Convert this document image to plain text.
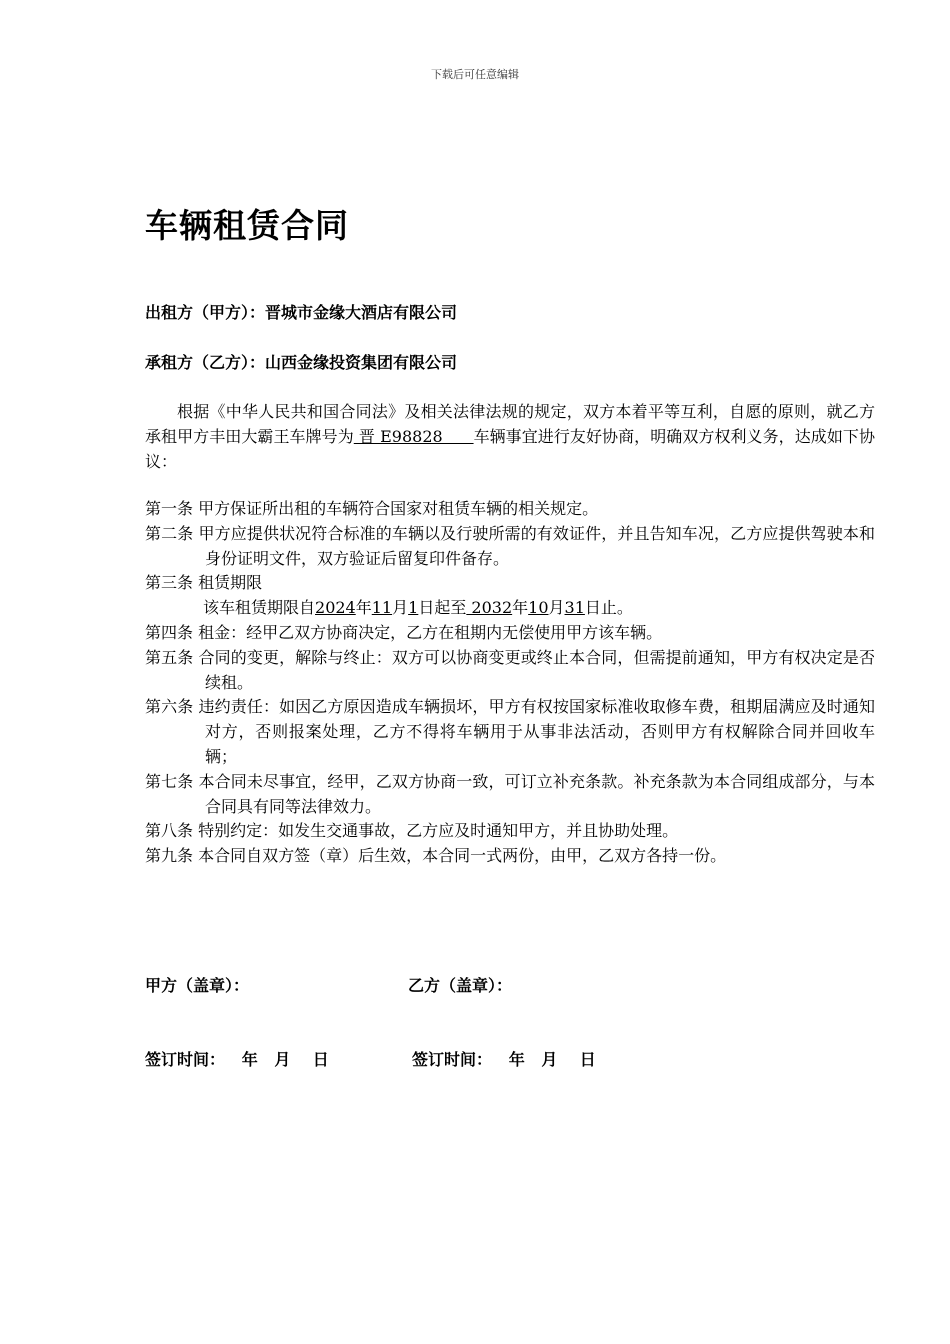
下载后可任意编辑
车辆租赁合同
出租方（甲方）：晋城市金缘大酒店有限公司
承租方（乙方）：山西金缘投资集团有限公司

根据《中华人民共和国合同法》及相关法律法规的规定，双方本着平等互利，自愿的原则，就乙方承租甲方丰田大霸王车牌号为 晋 E98828      车辆事宜进行友好协商，明确双方权利义务，达成如下协议：

第一条 甲方保证所出租的车辆符合国家对租赁车辆的相关规定。
第二条 甲方应提供状况符合标准的车辆以及行驶所需的有效证件，并且告知车况，乙方应提供驾驶本和身份证明文件，双方验证后留复印件备存。
第三条 租赁期限
该车租赁期限自2024年11月1日起至 2032年10月31日止。
第四条 租金：经甲乙双方协商决定，乙方在租期内无偿使用甲方该车辆。
第五条 合同的变更，解除与终止：双方可以协商变更或终止本合同，但需提前通知，甲方有权决定是否续租。
第六条 违约责任：如因乙方原因造成车辆损坏，甲方有权按国家标准收取修车费，租期届满应及时通知对方，否则报案处理，乙方不得将车辆用于从事非法活动，否则甲方有权解除合同并回收车辆；
第七条 本合同未尽事宜，经甲，乙双方协商一致，可订立补充条款。补充条款为本合同组成部分，与本合同具有同等法律效力。
第八条 特别约定：如发生交通事故，乙方应及时通知甲方，并且协助处理。
第九条 本合同自双方签（章）后生效，本合同一式两份，由甲，乙双方各持一份。
甲方（盖章）：	乙方（盖章）：
签订时间：   年   月    日	签订时间：   年   月    日
